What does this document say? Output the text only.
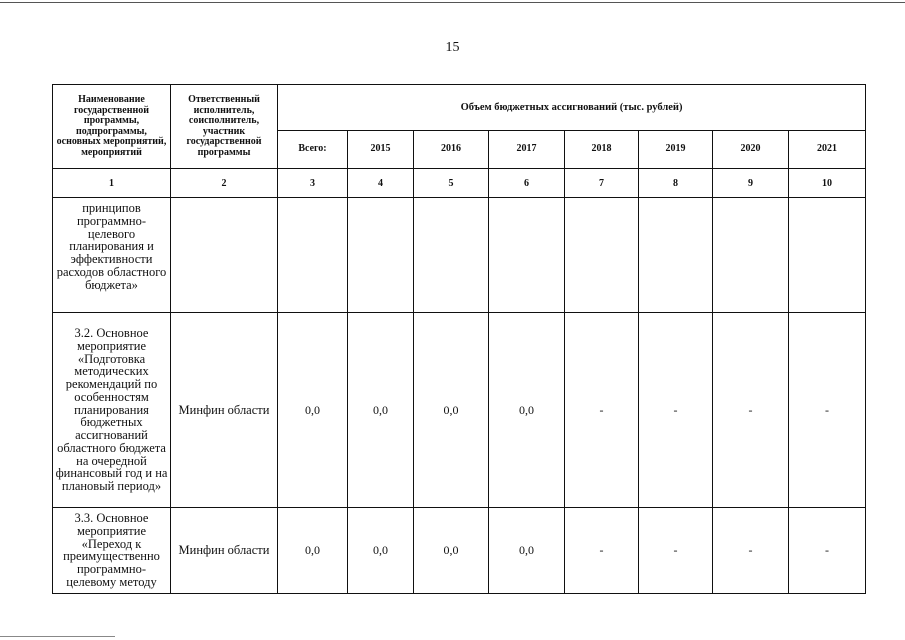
15
Наименование государственной программы, подпрограммы, основных мероприятий, мероприятий	Ответственный исполнитель, соисполнитель, участник государственной программы	Объем бюджетных ассигнований (тыс. рублей)							
		Всего:	2015	2016	2017	2018	2019	2020	2021
1	2	3	4	5	6	7	8	9	10
принципов программно-целевого планирования и эффективности расходов областного бюджета»									
3.2. Основное мероприятие «Подготовка методических рекомендаций по особенностям планирования бюджетных ассигнований областного бюджета на очередной финансовый год и на плановый период»	Минфин области	0,0	0,0	0,0	0,0	-	-	-	-
3.3. Основное мероприятие «Переход к преимущественно программно-целевому методу	Минфин области	0,0	0,0	0,0	0,0	-	-	-	-
